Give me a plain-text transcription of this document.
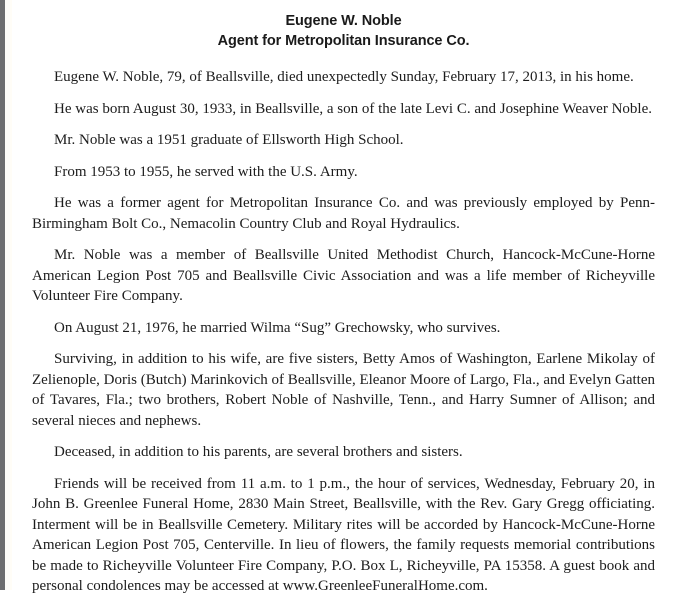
Eugene W. Noble
Agent for Metropolitan Insurance Co.

Eugene W. Noble, 79, of Beallsville, died unexpectedly Sunday, February 17, 2013, in his home.

He was born August 30, 1933, in Beallsville, a son of the late Levi C. and Josephine Weaver Noble.

Mr. Noble was a 1951 graduate of Ellsworth High School.

From 1953 to 1955, he served with the U.S. Army.

He was a former agent for Metropolitan Insurance Co. and was previously employed by Penn-Birmingham Bolt Co., Nemacolin Country Club and Royal Hydraulics.

Mr. Noble was a member of Beallsville United Methodist Church, Hancock-McCune-Horne American Legion Post 705 and Beallsville Civic Association and was a life member of Richeyville Volunteer Fire Company.

On August 21, 1976, he married Wilma “Sug” Grechowsky, who survives.

Surviving, in addition to his wife, are five sisters, Betty Amos of Washington, Earlene Mikolay of Zelienople, Doris (Butch) Marinkovich of Beallsville, Eleanor Moore of Largo, Fla., and Evelyn Gatten of Tavares, Fla.; two brothers, Robert Noble of Nashville, Tenn., and Harry Sumner of Allison; and several nieces and nephews.

Deceased, in addition to his parents, are several brothers and sisters.

Friends will be received from 11 a.m. to 1 p.m., the hour of services, Wednesday, February 20, in John B. Greenlee Funeral Home, 2830 Main Street, Beallsville, with the Rev. Gary Gregg officiating. Interment will be in Beallsville Cemetery. Military rites will be accorded by Hancock-McCune-Horne American Legion Post 705, Centerville. In lieu of flowers, the family requests memorial contributions be made to Richeyville Volunteer Fire Company, P.O. Box L, Richeyville, PA 15358. A guest book and personal condolences may be accessed at www.GreenleeFuneralHome.com.
